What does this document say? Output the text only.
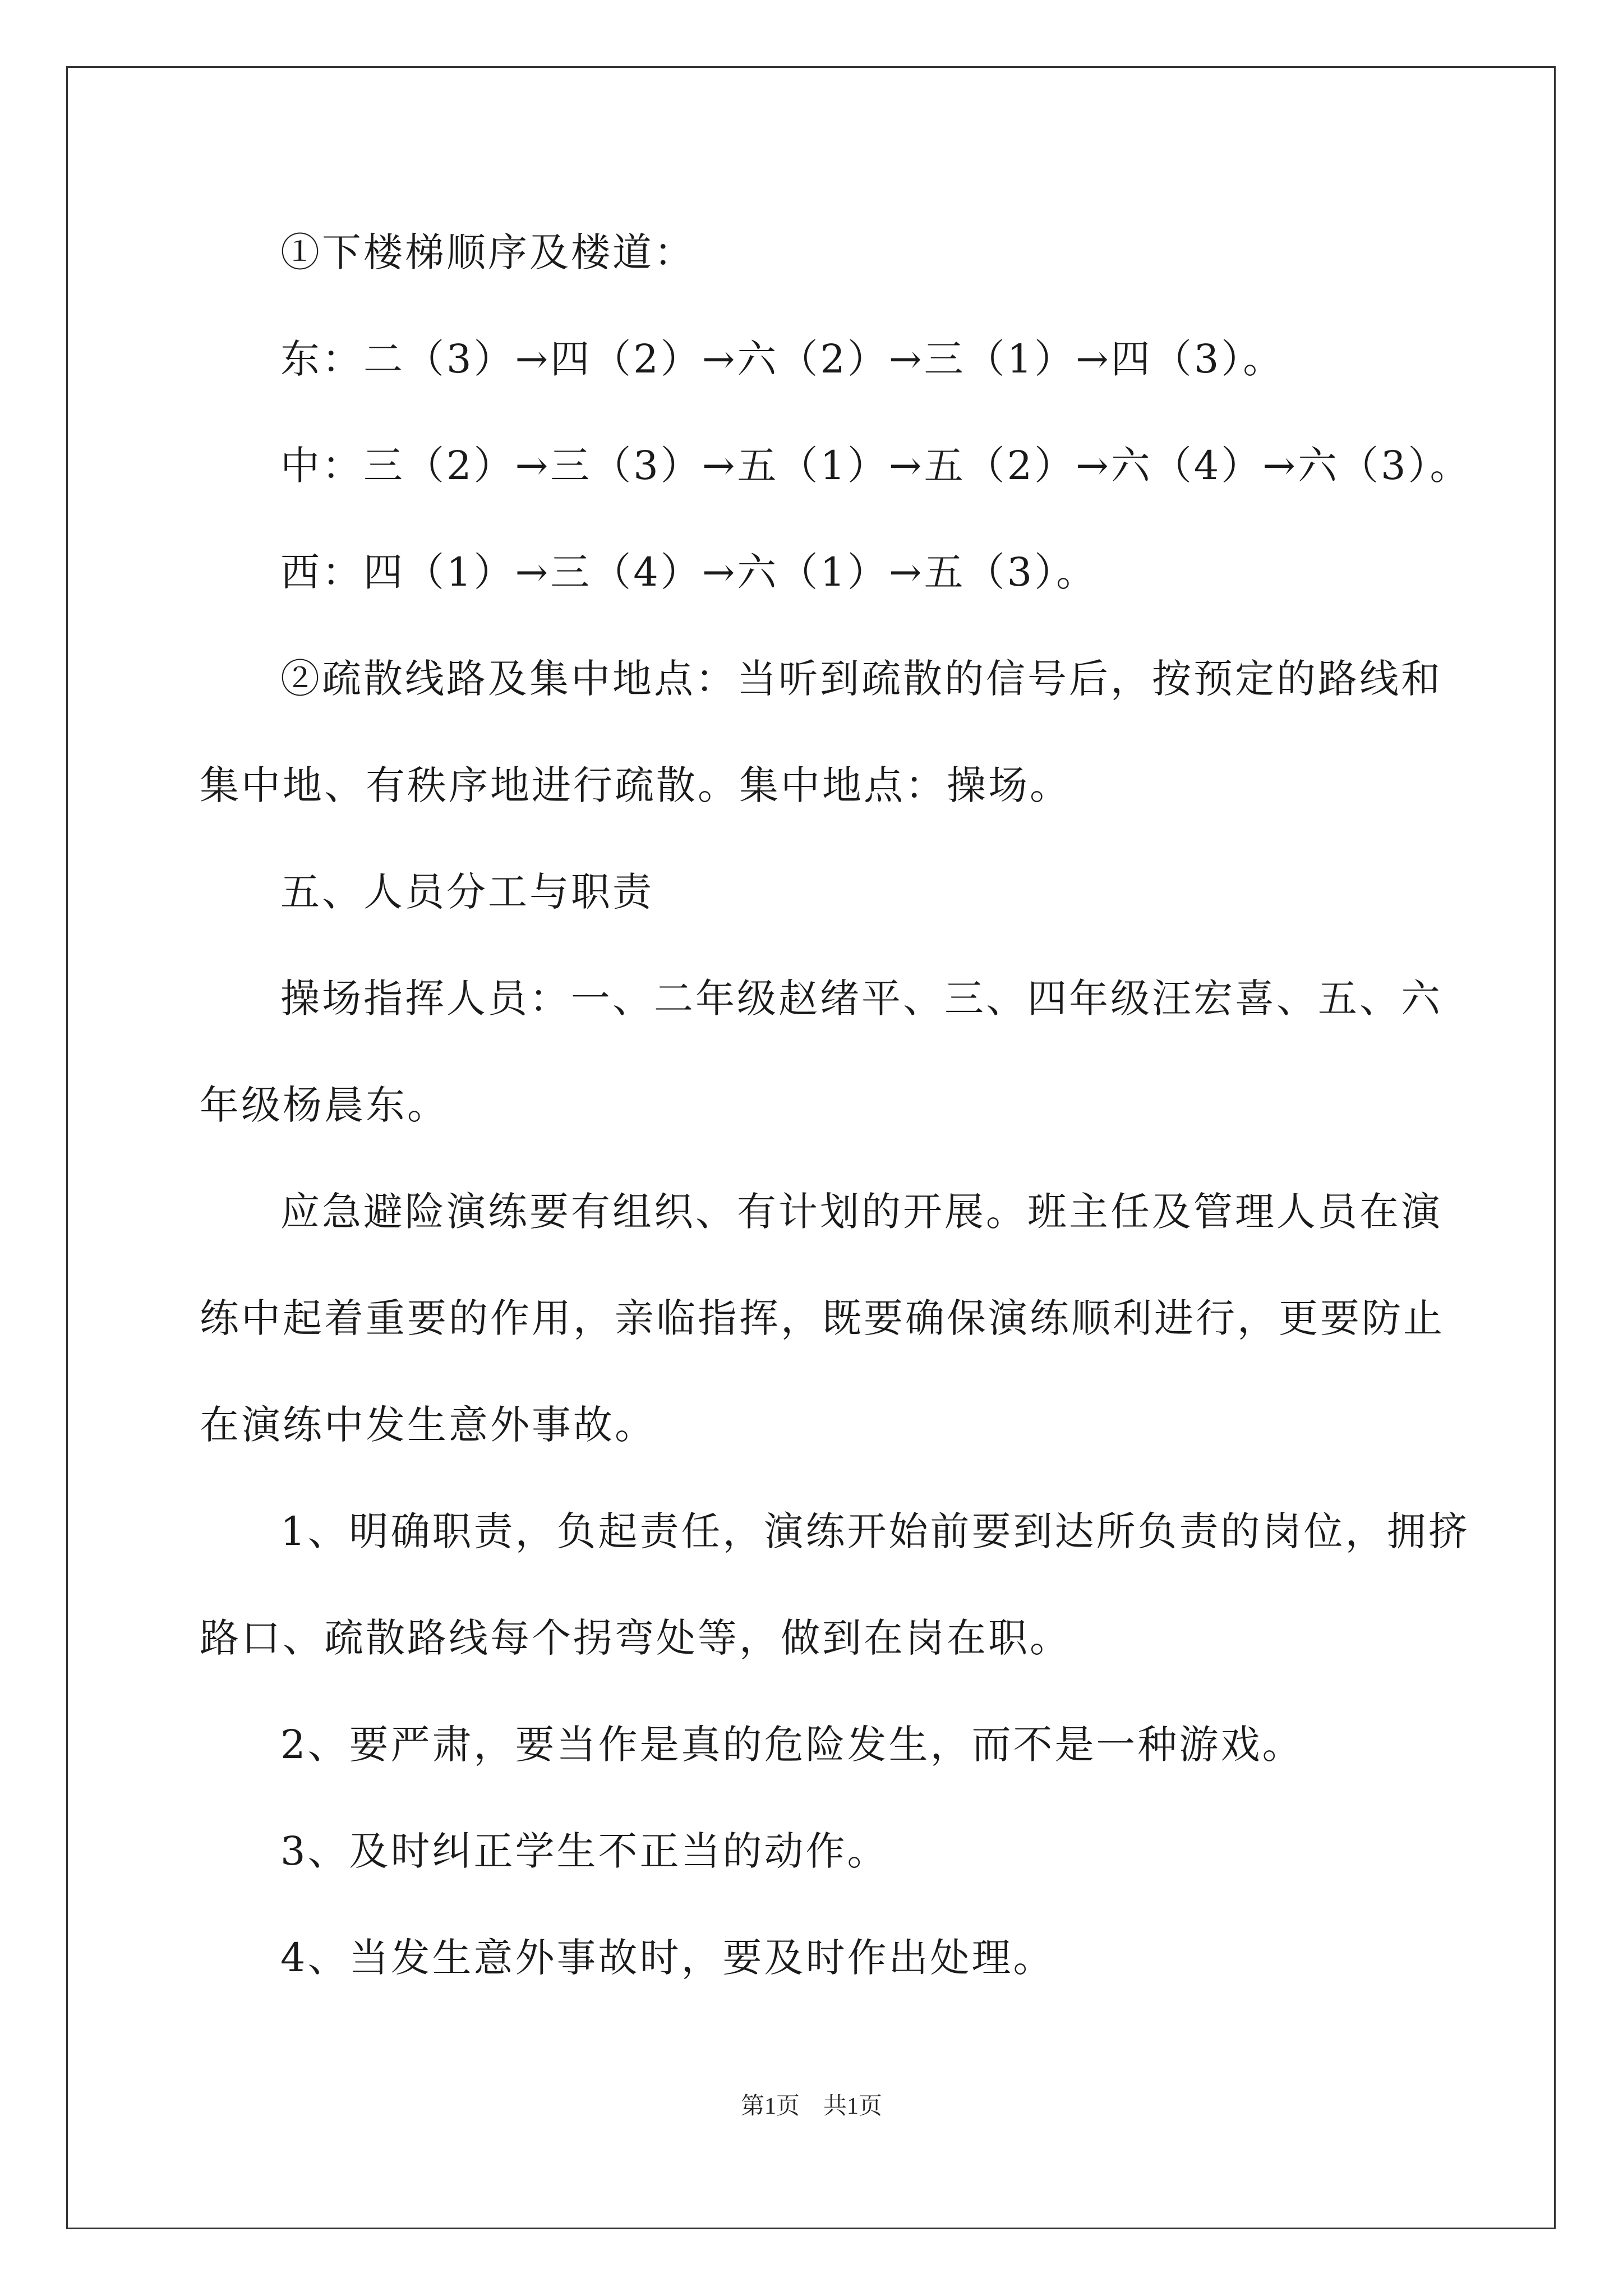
①下楼梯顺序及楼道：
东：二（3）→四（2）→六（2）→三（1）→四（3）。
中：三（2）→三（3）→五（1）→五（2）→六（4）→六（3）。
西：四（1）→三（4）→六（1）→五（3）。
②疏散线路及集中地点：当听到疏散的信号后，按预定的路线和
集中地、有秩序地进行疏散。集中地点：操场。
五、人员分工与职责
操场指挥人员：一、二年级赵绪平、三、四年级汪宏喜、五、六
年级杨晨东。
应急避险演练要有组织、有计划的开展。班主任及管理人员在演
练中起着重要的作用，亲临指挥，既要确保演练顺利进行，更要防止
在演练中发生意外事故。
1、明确职责，负起责任，演练开始前要到达所负责的岗位，拥挤
路口、疏散路线每个拐弯处等，做到在岗在职。
2、要严肃，要当作是真的危险发生，而不是一种游戏。
3、及时纠正学生不正当的动作。
4、当发生意外事故时，要及时作出处理。
第1页　共1页
